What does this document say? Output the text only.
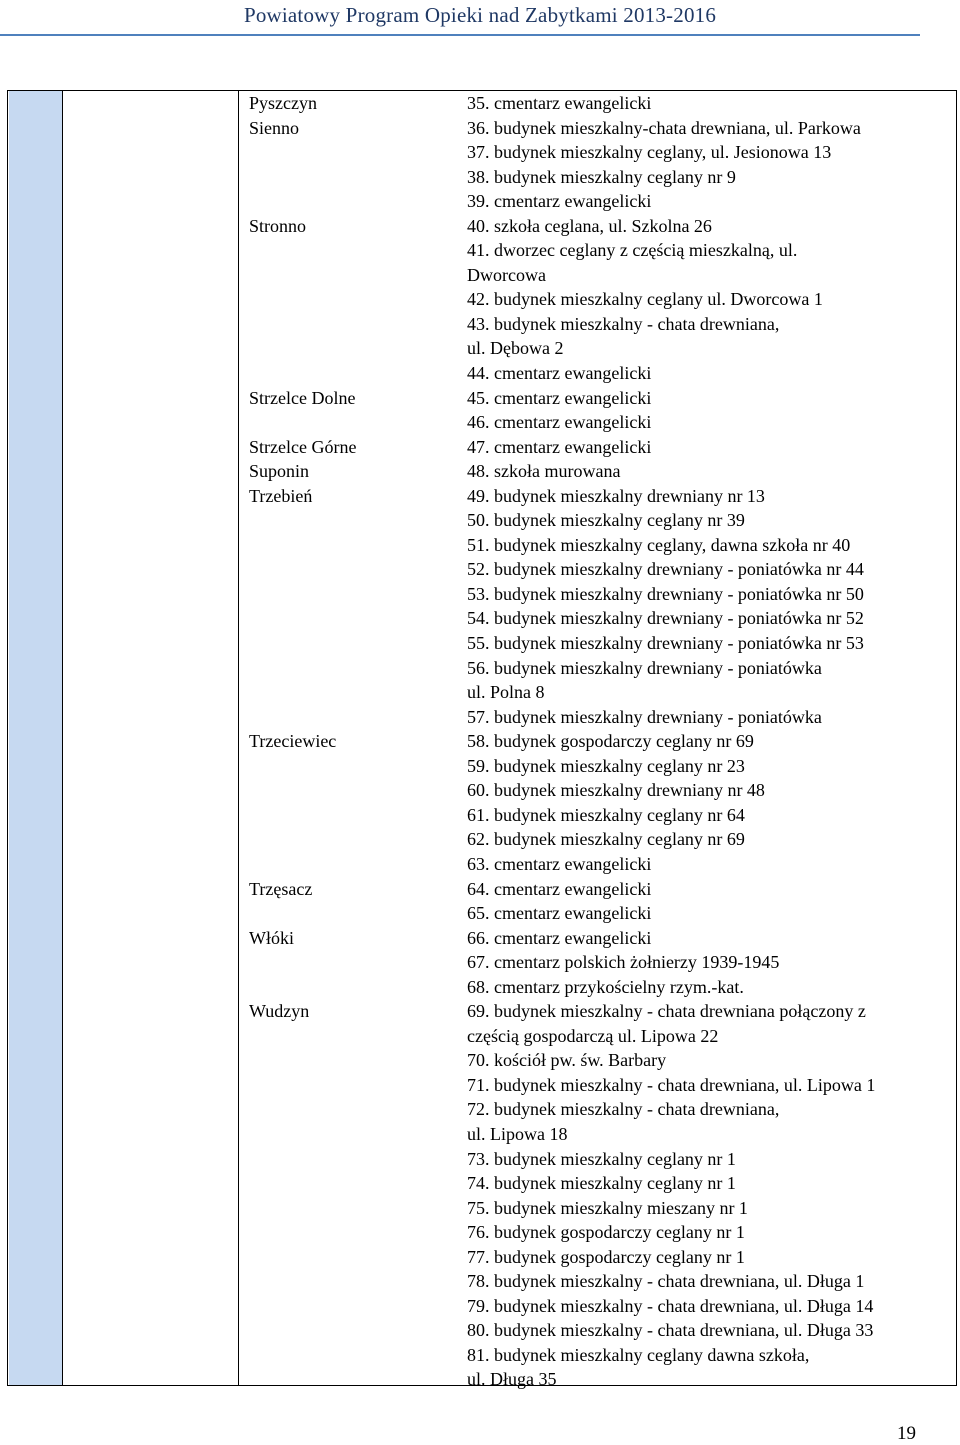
Powiatowy Program Opieki nad Zabytkami 2013-2016
Pyszczyn	35. cmentarz ewangelicki
Sienno	36. budynek mieszkalny-chata drewniana, ul. Parkowa
37. budynek mieszkalny ceglany, ul. Jesionowa 13
38. budynek mieszkalny ceglany nr 9
39. cmentarz ewangelicki
Stronno	40. szkoła ceglana, ul. Szkolna 26
41. dworzec ceglany z częścią mieszkalną, ul.
Dworcowa
42. budynek mieszkalny ceglany ul. Dworcowa 1
43. budynek mieszkalny - chata drewniana,
ul. Dębowa 2
44. cmentarz ewangelicki
Strzelce Dolne	45. cmentarz ewangelicki
46. cmentarz ewangelicki
Strzelce Górne	47. cmentarz ewangelicki
Suponin	48. szkoła murowana
Trzebień	49. budynek mieszkalny drewniany nr 13
50. budynek mieszkalny ceglany nr 39
51. budynek mieszkalny ceglany, dawna szkoła nr 40
52. budynek mieszkalny drewniany - poniatówka nr 44
53. budynek mieszkalny drewniany - poniatówka nr 50
54. budynek mieszkalny drewniany - poniatówka nr 52
55. budynek mieszkalny drewniany - poniatówka nr 53
56. budynek mieszkalny drewniany - poniatówka
ul. Polna 8
57. budynek mieszkalny drewniany - poniatówka
Trzeciewiec	58. budynek gospodarczy ceglany nr 69
59. budynek mieszkalny ceglany nr 23
60. budynek mieszkalny drewniany nr 48
61. budynek mieszkalny ceglany nr 64
62. budynek mieszkalny ceglany nr 69
63. cmentarz ewangelicki
Trzęsacz	64. cmentarz ewangelicki
65. cmentarz ewangelicki
Włóki	66. cmentarz ewangelicki
67. cmentarz polskich żołnierzy 1939-1945
68. cmentarz przykościelny rzym.-kat.
Wudzyn	69. budynek mieszkalny - chata drewniana połączony z
częścią gospodarczą ul. Lipowa 22
70. kościół pw. św. Barbary
71. budynek mieszkalny - chata drewniana, ul. Lipowa 1
72. budynek mieszkalny - chata drewniana,
ul. Lipowa 18
73. budynek mieszkalny ceglany nr 1
74. budynek mieszkalny ceglany nr 1
75. budynek mieszkalny mieszany nr 1
76. budynek gospodarczy ceglany nr 1
77. budynek gospodarczy ceglany nr 1
78. budynek mieszkalny - chata drewniana, ul. Długa 1
79. budynek mieszkalny - chata drewniana, ul. Długa 14
80. budynek mieszkalny - chata drewniana, ul. Długa 33
81. budynek mieszkalny ceglany dawna szkoła,
ul. Długa 35
19
